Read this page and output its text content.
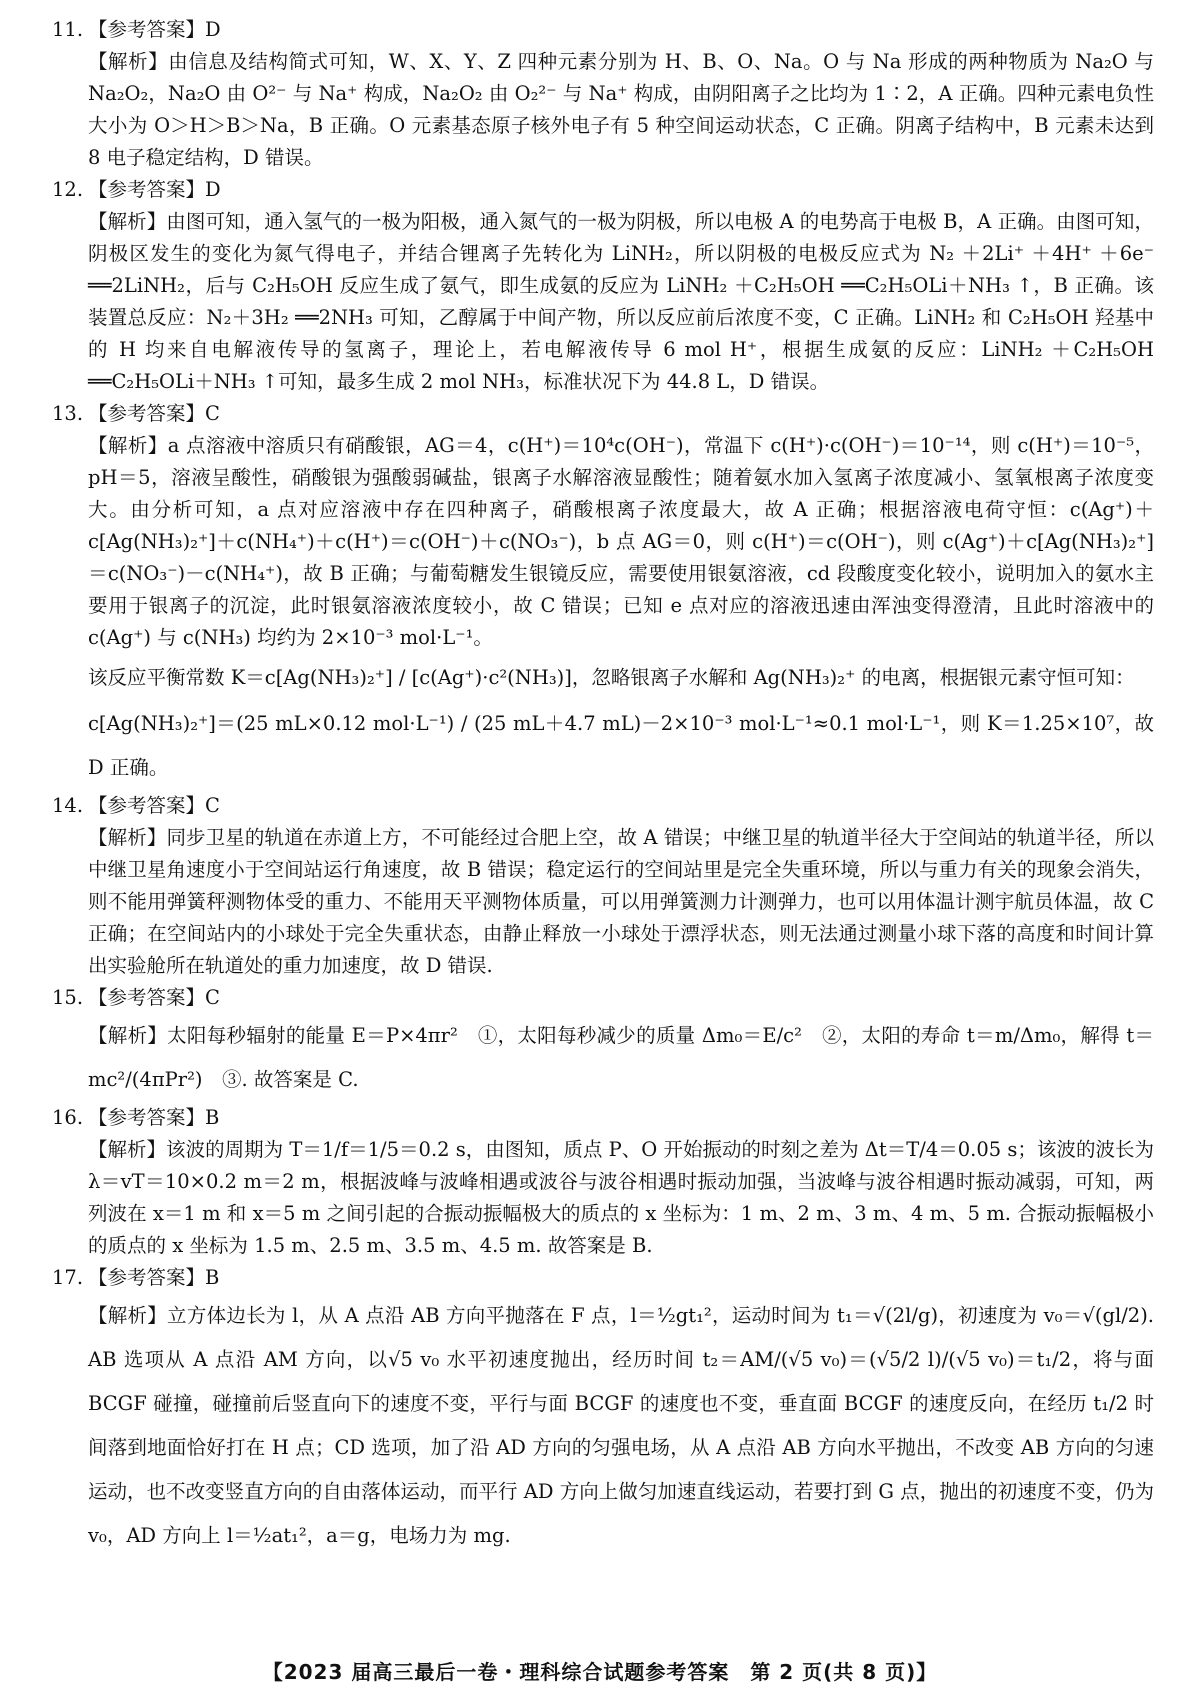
11. 【参考答案】D

【解析】由信息及结构简式可知，W、X、Y、Z 四种元素分别为 H、B、O、Na。O 与 Na 形成的两种物质为 Na₂O 与 Na₂O₂，Na₂O 由 O²⁻ 与 Na⁺ 构成，Na₂O₂ 由 O₂²⁻ 与 Na⁺ 构成，由阴阳离子之比均为 1∶2，A 正确。四种元素电负性大小为 O＞H＞B＞Na，B 正确。O 元素基态原子核外电子有 5 种空间运动状态，C 正确。阴离子结构中，B 元素未达到 8 电子稳定结构，D 错误。

12. 【参考答案】D

【解析】由图可知，通入氢气的一极为阳极，通入氮气的一极为阴极，所以电极 A 的电势高于电极 B，A 正确。由图可知，阴极区发生的变化为氮气得电子，并结合锂离子先转化为 LiNH₂，所以阴极的电极反应式为 N₂ ＋2Li⁺ ＋4H⁺ ＋6e⁻ ══2LiNH₂，后与 C₂H₅OH 反应生成了氨气，即生成氨的反应为 LiNH₂ ＋C₂H₅OH ══C₂H₅OLi＋NH₃ ↑，B 正确。该装置总反应：N₂＋3H₂ ══2NH₃ 可知，乙醇属于中间产物，所以反应前后浓度不变，C 正确。LiNH₂ 和 C₂H₅OH 羟基中的 H 均来自电解液传导的氢离子，理论上，若电解液传导 6 mol H⁺，根据生成氨的反应：LiNH₂ ＋C₂H₅OH ══C₂H₅OLi＋NH₃ ↑可知，最多生成 2 mol NH₃，标准状况下为 44.8 L，D 错误。

13. 【参考答案】C

【解析】a 点溶液中溶质只有硝酸银，AG＝4，c(H⁺)＝10⁴c(OH⁻)，常温下 c(H⁺)·c(OH⁻)＝10⁻¹⁴，则 c(H⁺)＝10⁻⁵，pH＝5，溶液呈酸性，硝酸银为强酸弱碱盐，银离子水解溶液显酸性；随着氨水加入氢离子浓度减小、氢氧根离子浓度变大。由分析可知，a 点对应溶液中存在四种离子，硝酸根离子浓度最大，故 A 正确；根据溶液电荷守恒：c(Ag⁺)＋c[Ag(NH₃)₂⁺]＋c(NH₄⁺)＋c(H⁺)＝c(OH⁻)＋c(NO₃⁻)，b 点 AG＝0，则 c(H⁺)＝c(OH⁻)，则 c(Ag⁺)＋c[Ag(NH₃)₂⁺]＝c(NO₃⁻)－c(NH₄⁺)，故 B 正确；与葡萄糖发生银镜反应，需要使用银氨溶液，cd 段酸度变化较小，说明加入的氨水主要用于银离子的沉淀，此时银氨溶液浓度较小，故 C 错误；已知 e 点对应的溶液迅速由浑浊变得澄清，且此时溶液中的 c(Ag⁺) 与 c(NH₃) 均约为 2×10⁻³ mol·L⁻¹。

该反应平衡常数 K＝c[Ag(NH₃)₂⁺] / [c(Ag⁺)·c²(NH₃)]，忽略银离子水解和 Ag(NH₃)₂⁺ 的电离，根据银元素守恒可知：

c[Ag(NH₃)₂⁺]＝(25 mL×0.12 mol·L⁻¹) / (25 mL＋4.7 mL)－2×10⁻³ mol·L⁻¹≈0.1 mol·L⁻¹，则 K＝1.25×10⁷，故 D 正确。

14. 【参考答案】C

【解析】同步卫星的轨道在赤道上方，不可能经过合肥上空，故 A 错误；中继卫星的轨道半径大于空间站的轨道半径，所以中继卫星角速度小于空间站运行角速度，故 B 错误；稳定运行的空间站里是完全失重环境，所以与重力有关的现象会消失，则不能用弹簧秤测物体受的重力、不能用天平测物体质量，可以用弹簧测力计测弹力，也可以用体温计测宇航员体温，故 C 正确；在空间站内的小球处于完全失重状态，由静止释放一小球处于漂浮状态，则无法通过测量小球下落的高度和时间计算出实验舱所在轨道处的重力加速度，故 D 错误.

15. 【参考答案】C

【解析】太阳每秒辐射的能量 E＝P×4πr²　①，太阳每秒减少的质量 Δm₀＝E/c²　②，太阳的寿命 t＝m/Δm₀，解得 t＝mc²/(4πPr²)　③. 故答案是 C.

16. 【参考答案】B

【解析】该波的周期为 T＝1/f＝1/5＝0.2 s，由图知，质点 P、O 开始振动的时刻之差为 Δt＝T/4＝0.05 s；该波的波长为 λ＝vT＝10×0.2 m＝2 m，根据波峰与波峰相遇或波谷与波谷相遇时振动加强，当波峰与波谷相遇时振动减弱，可知，两列波在 x＝1 m 和 x＝5 m 之间引起的合振动振幅极大的质点的 x 坐标为：1 m、2 m、3 m、4 m、5 m. 合振动振幅极小的质点的 x 坐标为 1.5 m、2.5 m、3.5 m、4.5 m. 故答案是 B.

17. 【参考答案】B

【解析】立方体边长为 l，从 A 点沿 AB 方向平抛落在 F 点，l＝½gt₁²，运动时间为 t₁＝√(2l/g)，初速度为 v₀＝√(gl/2). AB 选项从 A 点沿 AM 方向，以√5 v₀ 水平初速度抛出，经历时间 t₂＝AM/(√5 v₀)＝(√5/2 l)/(√5 v₀)＝t₁/2，将与面 BCGF 碰撞，碰撞前后竖直向下的速度不变，平行与面 BCGF 的速度也不变，垂直面 BCGF 的速度反向，在经历 t₁/2 时间落到地面恰好打在 H 点；CD 选项，加了沿 AD 方向的匀强电场，从 A 点沿 AB 方向水平抛出，不改变 AB 方向的匀速运动，也不改变竖直方向的自由落体运动，而平行 AD 方向上做匀加速直线运动，若要打到 G 点，抛出的初速度不变，仍为 v₀，AD 方向上 l＝½at₁²，a＝g，电场力为 mg.

【2023 届高三最后一卷・理科综合试题参考答案　第 2 页(共 8 页)】
